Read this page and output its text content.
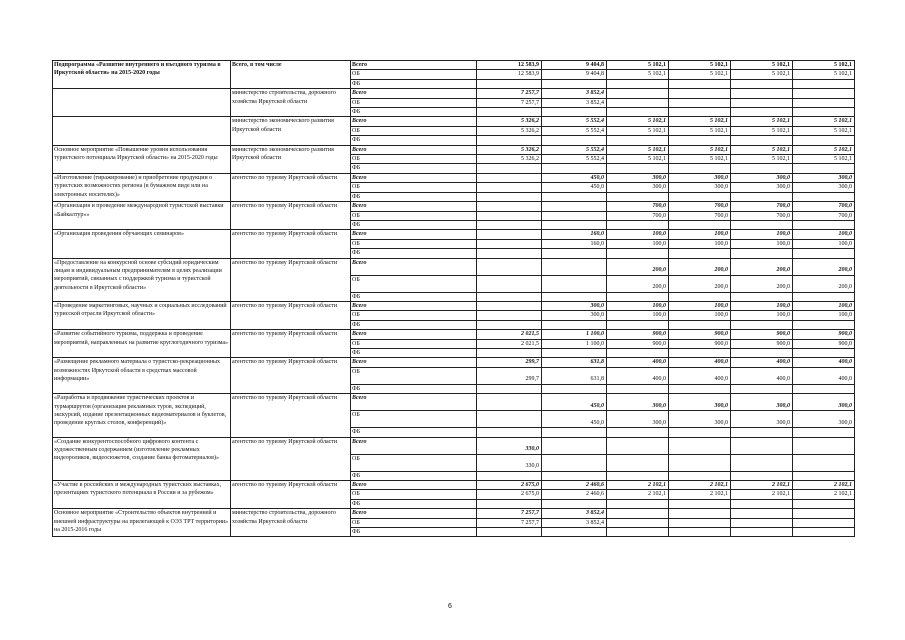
Подпрограмма «Развитие внутреннего и въездного туризма в Иркутской области» на 2015-2020 годы	Всего, в том числе	Всего	12 583,9	9 404,8	5 102,1	5 102,1	5 102,1	5 102,1
		ОБ	12 583,9	9 404,8	5 102,1	5 102,1	5 102,1	5 102,1
		ФБ						
	министерство строительства, дорожного хозяйства Иркутской области	Всего	7 257,7	3 852,4				
		ОБ	7 257,7	3 852,4				
		ФБ						
	министерство экономического развития Иркутской области	Всего	5 326,2	5 552,4	5 102,1	5 102,1	5 102,1	5 102,1
		ОБ	5 326,2	5 552,4	5 102,1	5 102,1	5 102,1	5 102,1
		ФБ						
Основное мероприятие «Повышение уровня использования туристского потенциала Иркутской области» на 2015-2020 годы	министерство экономического развития Иркутской области	Всего	5 326,2	5 552,4	5 102,1	5 102,1	5 102,1	5 102,1
		ОБ	5 326,2	5 552,4	5 102,1	5 102,1	5 102,1	5 102,1
		ФБ						
«Изготовление (тиражирование) и приобретение продукции о туристских возможностях региона (в бумажном виде или на электронных носителях)»	агентство по туризму Иркутской области	Всего		450,0	300,0	300,0	300,0	300,0
		ОБ		450,0	300,0	300,0	300,0	300,0
		ФБ						
«Организация и проведение международной туристской выставки «Байкалтур»»	агентство по туризму Иркутской области	Всего			700,0	700,0	700,0	700,0
		ОБ			700,0	700,0	700,0	700,0
		ФБ						
«Организация проведения обучающих семинаров»	агентство по туризму Иркутской области	Всего		160,0	100,0	100,0	100,0	100,0
		ОБ		160,0	100,0	100,0	100,0	100,0
		ФБ						
«Предоставление на конкурсной основе субсидий юридическим лицам и индивидуальным предпринимателям в целях реализации мероприятий, связанных с поддержкой туризма и туристской деятельности в Иркутской области»	агентство по туризму Иркутской области	Всего			200,0	200,0	200,0	200,0
		ОБ			200,0	200,0	200,0	200,0
		ФБ						
«Проведение маркетинговых, научных и социальных исследований турисской отрасли Иркутской области»	агентство по туризму Иркутской области	Всего		300,0	100,0	100,0	100,0	100,0
		ОБ		300,0	100,0	100,0	100,0	100,0
		ФБ						
«Развитие событийного туризма, поддержка и проведение мероприятий, направленных на развитие круглогодичного туризма»	агентство по туризму Иркутской области	Всего	2 021,5	1 100,0	900,0	900,0	900,0	900,0
		ОБ	2 021,5	1 100,0	900,0	900,0	900,0	900,0
		ФБ						
«Размещение рекламного материала о туристско-рекреационных возможностях Иркутской области в средствах массовой информации»	агентство по туризму Иркутской области	Всего	299,7	631,8	400,0	400,0	400,0	400,0
		ОБ	299,7	631,8	400,0	400,0	400,0	400,0
		ФБ						
«Разработка и продвижение туристических проектов и турмаршрутов (организация рекламных туров, экспедиций, экскурсий, издание презентационных видеоматериалов и буклетов, проведение круглых столов, конференций)»	агентство по туризму Иркутской области	Всего		450,0	300,0	300,0	300,0	300,0
		ОБ		450,0	300,0	300,0	300,0	300,0
		ФБ						
«Создание конкурентоспособного цифрового контента с художественным содержанием (изготовление рекламных видеороликов, видеосюжетов, создание банка фотоматериалов)»	агентство по туризму Иркутской области	Всего	330,0					
		ОБ	330,0					
		ФБ						
«Участие в российских и международных туристских выставках, презентациях туристского потенциала в России и за рубежом»	агентство по туризму Иркутской области	Всего	2 675,0	2 460,6	2 102,1	2 102,1	2 102,1	2 102,1
		ОБ	2 675,0	2 460,6	2 102,1	2 102,1	2 102,1	2 102,1
		ФБ						
Основное мероприятие «Строительство объектов внутренней и внешней инфраструктуры на прилегающей к ОЭЗ ТРТ территории» на 2015-2016 годы	министерство строительства, дорожного хозяйства Иркутской области	Всего	7 257,7	3 852,4				
		ОБ	7 257,7	3 852,4				
		ФБ						
6
